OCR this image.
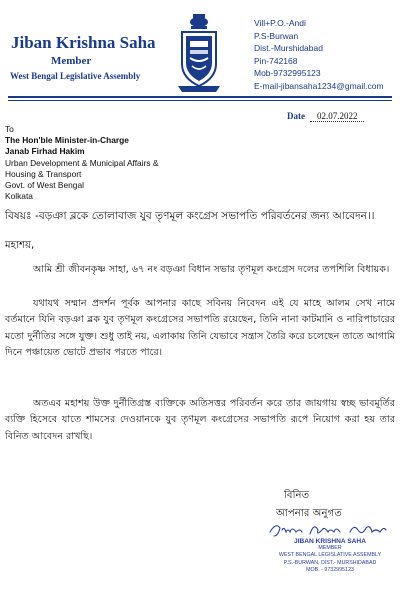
Jiban Krishna Saha
Member
West Bengal Legislative Assembly
Vill+P.O.-Andi
P.S-Burwan
Dist.-Murshidabad
Pin-742168
Mob-9732995123
E-mail-jibansaha1234@gmail.com
Date 02.07.2022
To
The Hon'ble Minister-in-Charge
Janab Firhad Hakim
Urban Development & Municipal Affairs &
Housing & Transport
Govt. of West Bengal
Kolkata
বিষয়ঃ -বড়ঞা ব্লকে তোলাবাজ যুব তৃণমূল কংগ্রেস সভাপতি পরিবর্তনের জন্য আবেদন।।
মহাশয়,
আমি শ্রী জীবনকৃষ্ণ সাহা, ৬৭ নং বড়ঞা বিধান সভার তৃণমূল কংগ্রেস দলের তপশিলি বিধায়ক।
যথাযথ সম্মান প্রদর্শন পূর্বক আপনার কাছে সবিনয় নিবেদন এই যে মাহে আলম সেখ নামে বর্তমানে যিনি বড়ঞা ব্লক যুব তৃণমূল কংগ্রেসের সভাপতি রয়েছেন, তিনি নানা কাটমানি ও নারিপাচারের মতো দুর্নীতির সঙ্গে যুক্ত। শুধু তাই নয়, এলাকায় তিনি যেভাবে সন্ত্রাস তৈরি করে চলেছেন তাতে আগামি দিনে পঞ্চায়েত ভোটে প্রভাব পরতে পারে।
অতএব মহাশয় উক্ত দুর্নীতিগ্রস্ত ব্যক্তিকে অতিসত্তর পরিবর্তন করে তার জায়গায় স্বচ্ছ ভাবমূর্তির ব্যক্তি হিসেবে যাতে শামসের দেওয়ানকে যুব তৃণমূল কংগ্রেসের সভাপতি রূপে নিয়োগ করা হয় তার বিনিত আবেদন রাখছি।
বিনিত
আপনার অনুগত
JIBAN KRISHNA SAHA
MEMBER
WEST BENGAL LEGISLATIVE ASSEMBLY
P.S.-BURWAN, DIST.- MURSHIDABAD
MOB. - 9732995123
